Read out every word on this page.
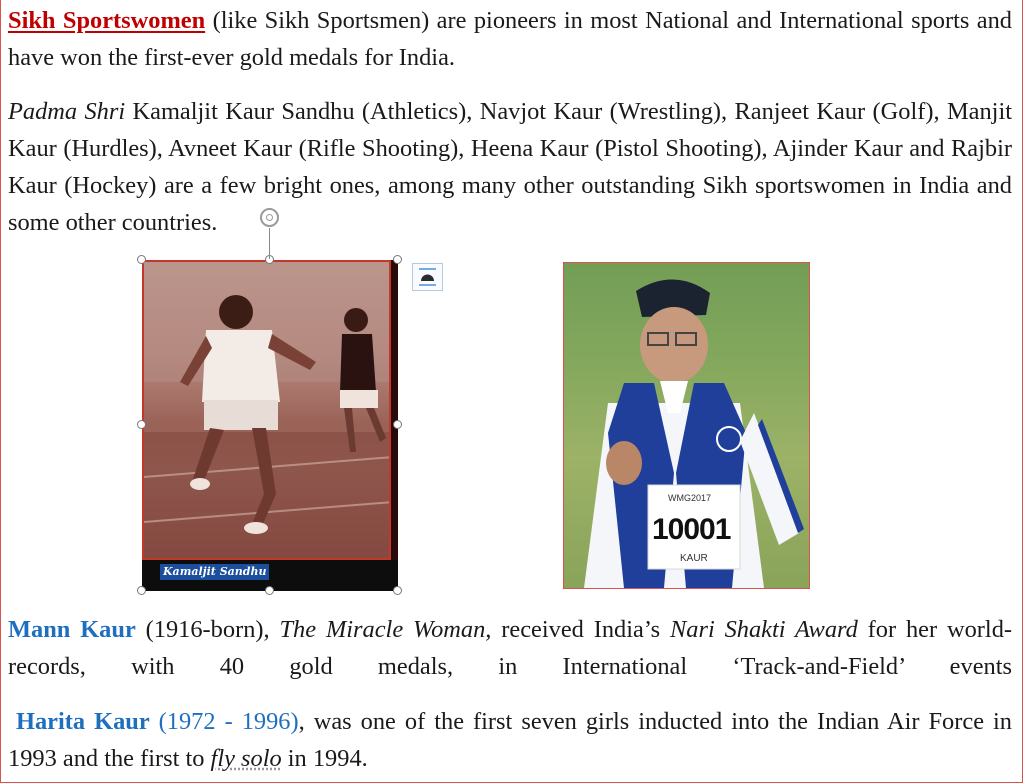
Sikh Sportswomen (like Sikh Sportsmen) are pioneers in most National and International sports and have won the first-ever gold medals for India.

Padma Shri Kamaljit Kaur Sandhu (Athletics), Navjot Kaur (Wrestling), Ranjeet Kaur (Golf), Manjit Kaur (Hurdles), Avneet Kaur (Rifle Shooting), Heena Kaur (Pistol Shooting), Ajinder Kaur and Rajbir Kaur (Hockey) are a few bright ones, among many other outstanding Sikh sportswomen in India and some other countries.

Kamaljit Sandhu
WMG2017
10001
KAUR

Mann Kaur (1916-born), The Miracle Woman, received India’s Nari Shakti Award for her world-records, with 40 gold medals, in International ‘Track-and-Field’ events

Harita Kaur (1972 - 1996), was one of the first seven girls inducted into the Indian Air Force in 1993 and the first to fly solo in 1994.
